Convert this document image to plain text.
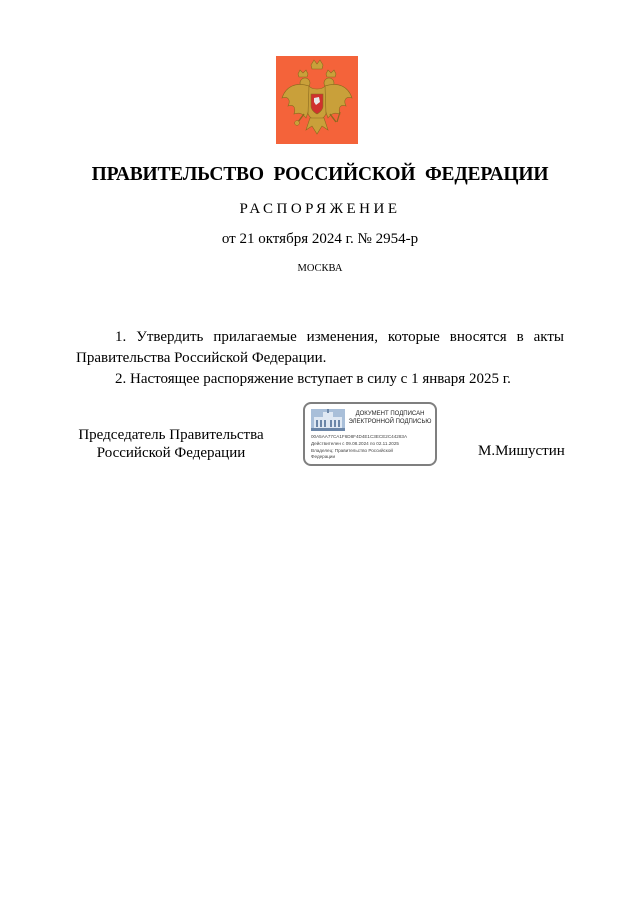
ПРАВИТЕЛЬСТВО РОССИЙСКОЙ ФЕДЕРАЦИИ
РАСПОРЯЖЕНИЕ
от 21 октября 2024 г. № 2954-р
МОСКВА

1. Утвердить прилагаемые изменения, которые вносятся в акты Правительства Российской Федерации.

2. Настоящее распоряжение вступает в силу с 1 января 2025 г.

Председатель Правительства
Российской Федерации
ДОКУМЕНТ ПОДПИСАН
ЭЛЕКТРОННОЙ ПОДПИСЬЮ
00A5AA77CA1F6D8F4D4E1C3ECE2C44283A
Действителен с 09.08.2024 по 02.11.2025
Владелец: Правительство Российской
Федерации	М.Мишустин
